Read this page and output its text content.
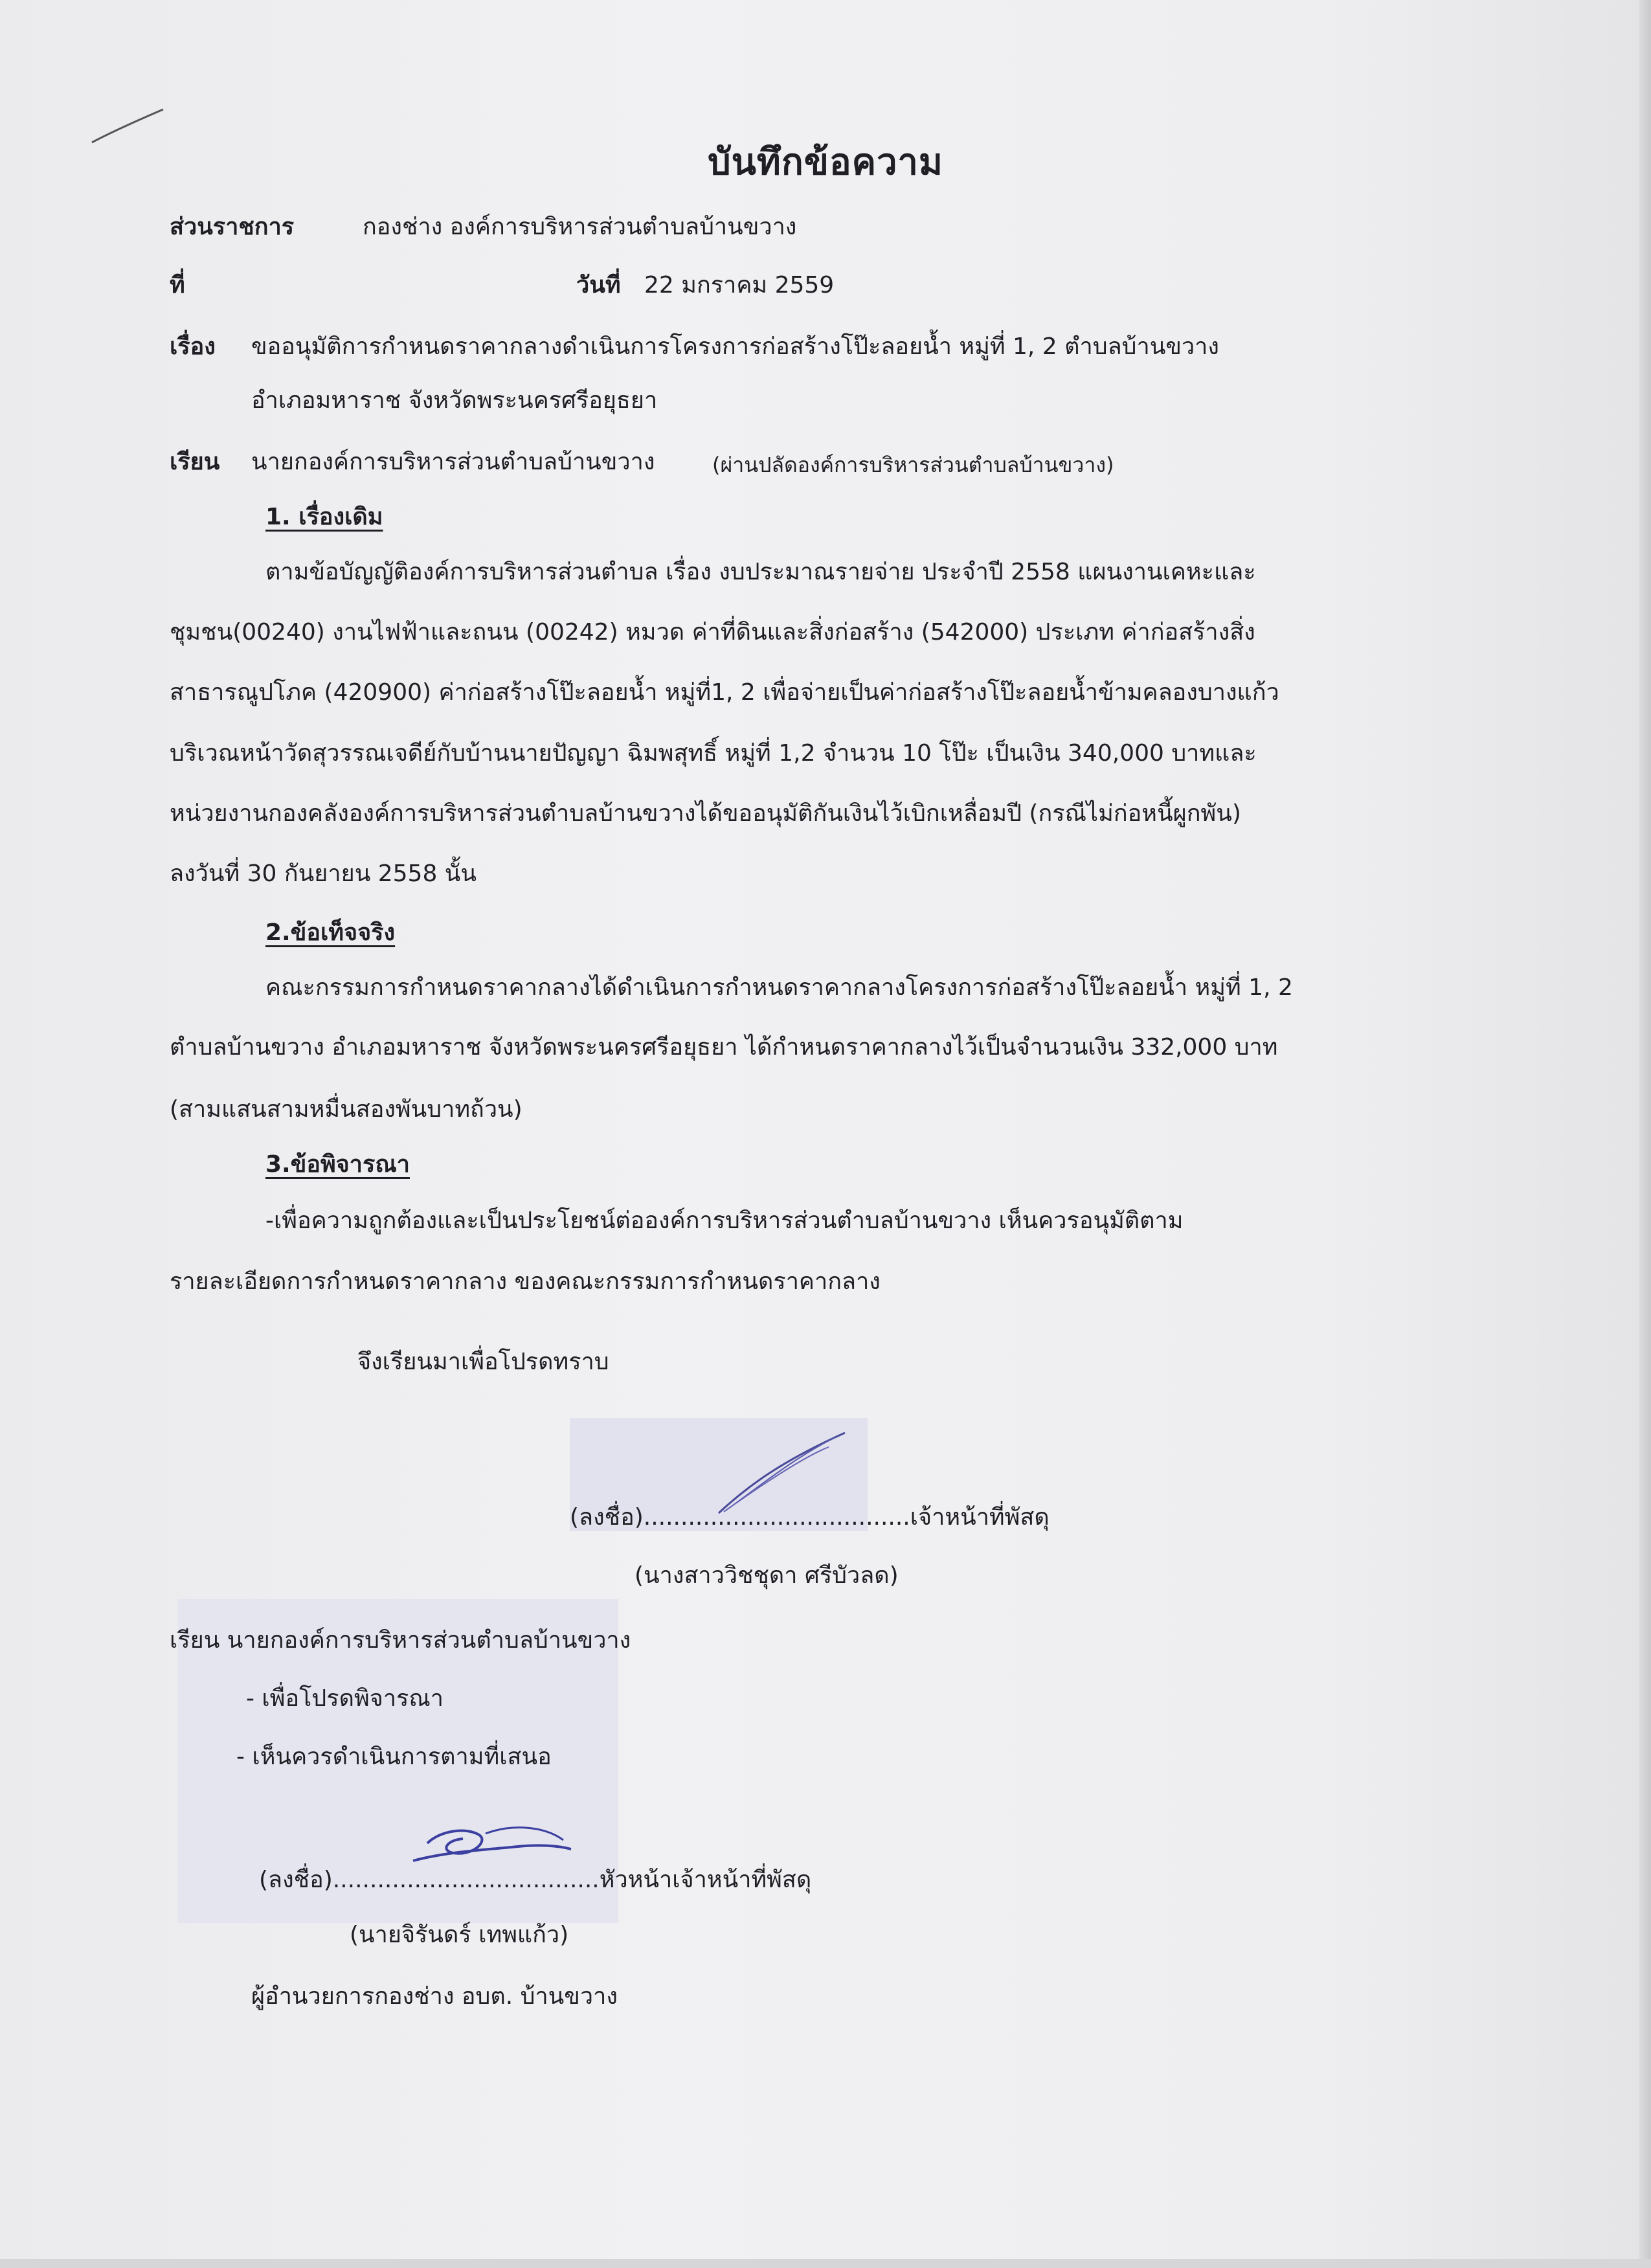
บันทึกข้อความ
ส่วนราชการ	กองช่าง องค์การบริหารส่วนตำบลบ้านขวาง
ที่	วันที่ 22 มกราคม 2559
เรื่อง ขออนุมัติการกำหนดราคากลางดำเนินการโครงการก่อสร้างโป๊ะลอยน้ำ หมู่ที่ 1, 2 ตำบลบ้านขวาง
อำเภอมหาราช จังหวัดพระนครศรีอยุธยา
เรียน นายกองค์การบริหารส่วนตำบลบ้านขวาง	(ผ่านปลัดองค์การบริหารส่วนตำบลบ้านขวาง)
1. เรื่องเดิม
ตามข้อบัญญัติองค์การบริหารส่วนตำบล เรื่อง งบประมาณรายจ่าย ประจำปี 2558 แผนงานเคหะและ
ชุมชน(00240) งานไฟฟ้าและถนน (00242) หมวด ค่าที่ดินและสิ่งก่อสร้าง (542000) ประเภท ค่าก่อสร้างสิ่ง
สาธารณูปโภค (420900) ค่าก่อสร้างโป๊ะลอยน้ำ หมู่ที่1, 2 เพื่อจ่ายเป็นค่าก่อสร้างโป๊ะลอยน้ำข้ามคลองบางแก้ว
บริเวณหน้าวัดสุวรรณเจดีย์กับบ้านนายปัญญา ฉิมพสุทธิ์ หมู่ที่ 1,2 จำนวน 10 โป๊ะ เป็นเงิน 340,000 บาทและ
หน่วยงานกองคลังองค์การบริหารส่วนตำบลบ้านขวางได้ขออนุมัติกันเงินไว้เบิกเหลื่อมปี (กรณีไม่ก่อหนี้ผูกพัน)
ลงวันที่ 30 กันยายน 2558 นั้น
2.ข้อเท็จจริง
คณะกรรมการกำหนดราคากลางได้ดำเนินการกำหนดราคากลางโครงการก่อสร้างโป๊ะลอยน้ำ หมู่ที่ 1, 2
ตำบลบ้านขวาง อำเภอมหาราช จังหวัดพระนครศรีอยุธยา ได้กำหนดราคากลางไว้เป็นจำนวนเงิน 332,000 บาท
(สามแสนสามหมื่นสองพันบาทถ้วน)
3.ข้อพิจารณา
-เพื่อความถูกต้องและเป็นประโยชน์ต่อองค์การบริหารส่วนตำบลบ้านขวาง เห็นควรอนุมัติตาม
รายละเอียดการกำหนดราคากลาง ของคณะกรรมการกำหนดราคากลาง
จึงเรียนมาเพื่อโปรดทราบ
(ลงชื่อ)....................................เจ้าหน้าที่พัสดุ
(นางสาววิชชุดา ศรีบัวลด)
เรียน นายกองค์การบริหารส่วนตำบลบ้านขวาง
- เพื่อโปรดพิจารณา
- เห็นควรดำเนินการตามที่เสนอ
(ลงชื่อ)....................................หัวหน้าเจ้าหน้าที่พัสดุ
(นายจิรันดร์ เทพแก้ว)
ผู้อำนวยการกองช่าง อบต. บ้านขวาง
